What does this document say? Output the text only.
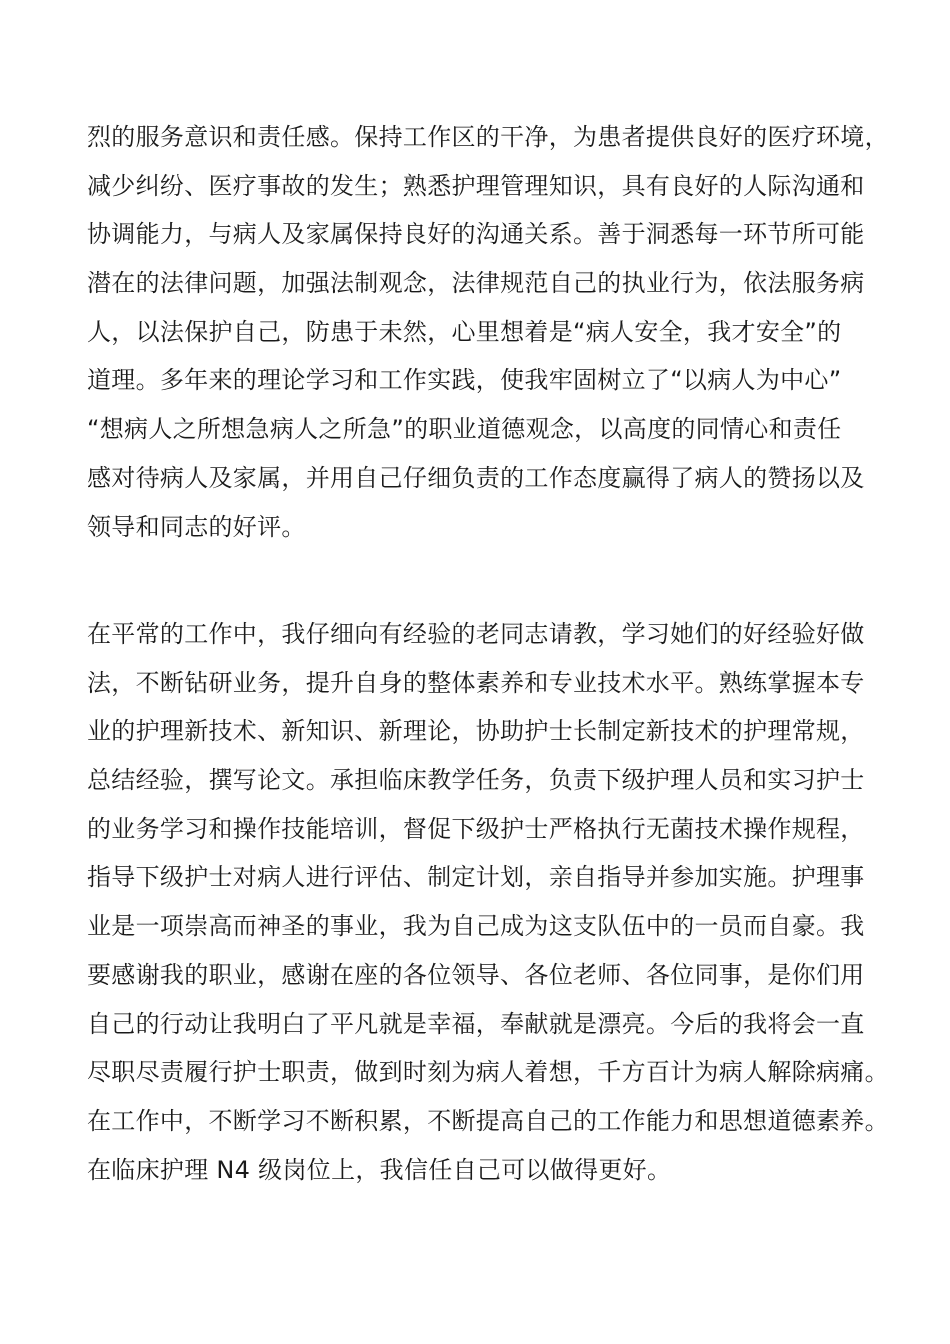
烈的服务意识和责任感。保持工作区的干净，为患者提供良好的医疗环境，
减少纠纷、医疗事故的发生；熟悉护理管理知识，具有良好的人际沟通和
协调能力，与病人及家属保持良好的沟通关系。善于洞悉每一环节所可能
潜在的法律问题，加强法制观念，法律规范自己的执业行为，依法服务病
人，以法保护自己，防患于未然，心里想着是“病人安全，我才安全”的
道理。多年来的理论学习和工作实践，使我牢固树立了“以病人为中心”
“想病人之所想急病人之所急”的职业道德观念，以高度的同情心和责任
感对待病人及家属，并用自己仔细负责的工作态度赢得了病人的赞扬以及
领导和同志的好评。

在平常的工作中，我仔细向有经验的老同志请教，学习她们的好经验好做
法，不断钻研业务，提升自身的整体素养和专业技术水平。熟练掌握本专
业的护理新技术、新知识、新理论，协助护士长制定新技术的护理常规，
总结经验，撰写论文。承担临床教学任务，负责下级护理人员和实习护士
的业务学习和操作技能培训，督促下级护士严格执行无菌技术操作规程，
指导下级护士对病人进行评估、制定计划，亲自指导并参加实施。护理事
业是一项崇高而神圣的事业，我为自己成为这支队伍中的一员而自豪。我
要感谢我的职业，感谢在座的各位领导、各位老师、各位同事，是你们用
自己的行动让我明白了平凡就是幸福，奉献就是漂亮。今后的我将会一直
尽职尽责履行护士职责，做到时刻为病人着想，千方百计为病人解除病痛。
在工作中，不断学习不断积累，不断提高自己的工作能力和思想道德素养。
在临床护理 N4 级岗位上，我信任自己可以做得更好。
